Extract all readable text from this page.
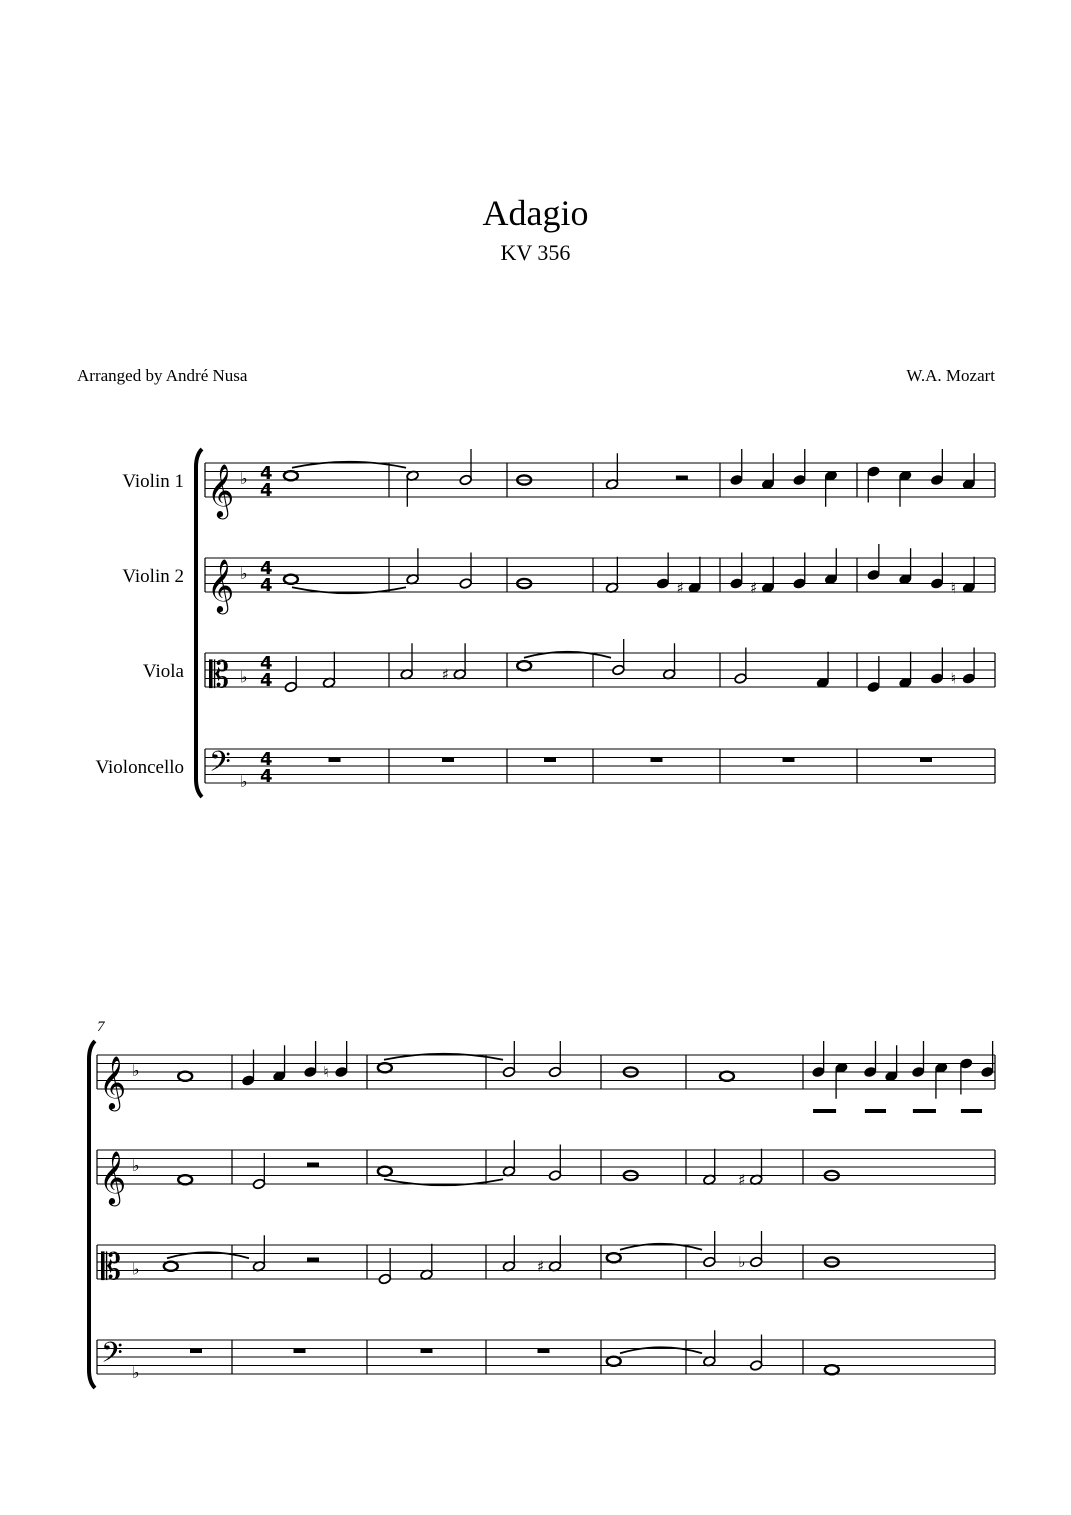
Adagio
KV 356
Arranged by André Nusa	W.A. Mozart
𝄞 ♭ 4
4
Violin 1
𝄞 ♭ 4
4
Violin 2
♯	♯	♮
𝄡 ♭
4
4
Viola	♯	♮
𝄢 ♭
4
4
Violoncello
𝄞 ♭	♮
𝄞 ♭
♯
𝄡 ♭	♯	♭
𝄢 ♭
7
